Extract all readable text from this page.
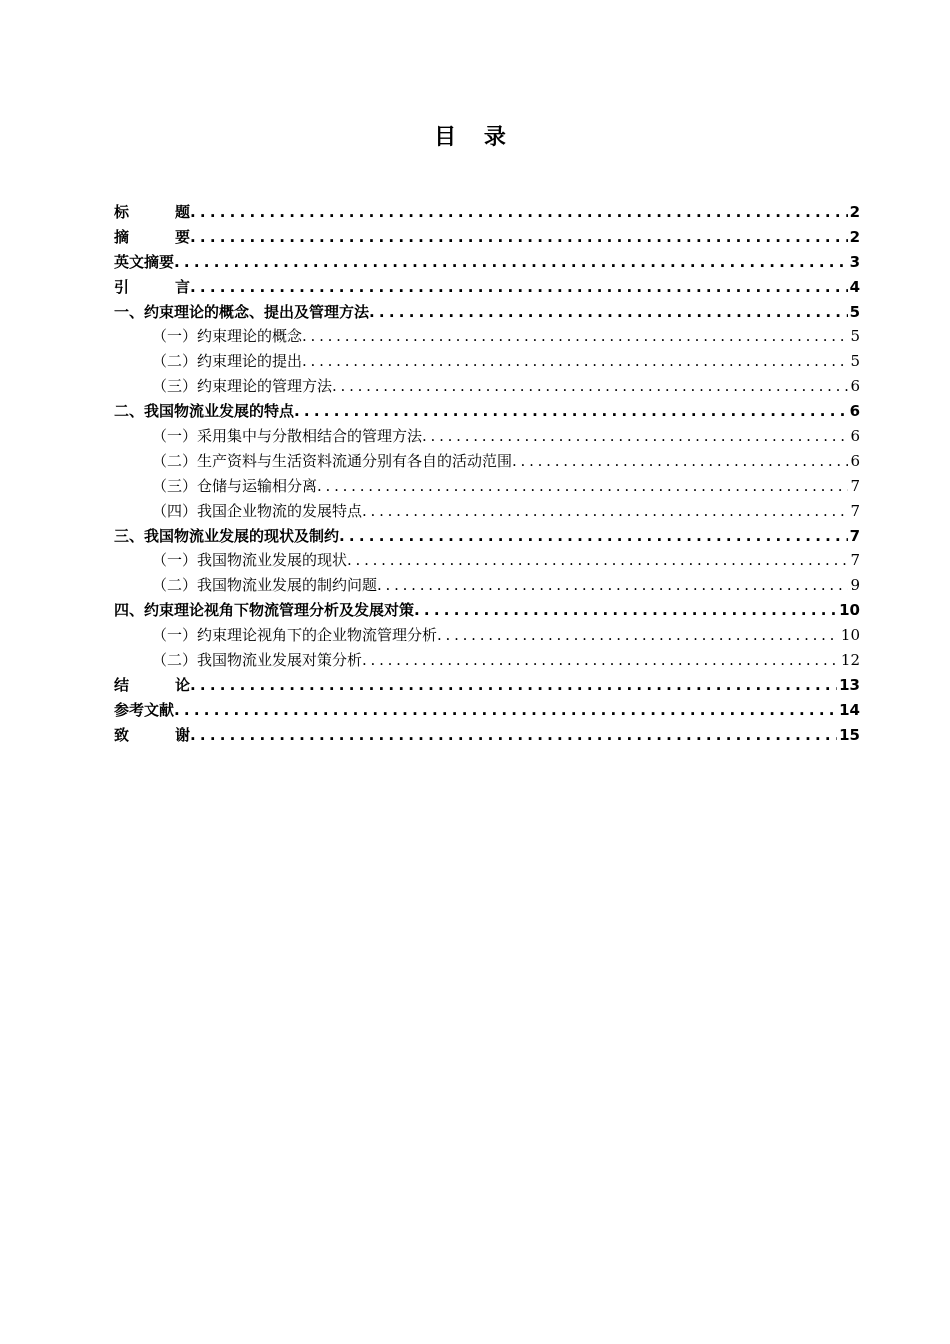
目 录
标	题 . . .	2
摘	要 . . .	2
英文摘要 . . .	3
引	言 . . .	4
一、约束理论的概念、提出及管理方法 . . .	5
（一）约束理论的概念 . . .	5
（二）约束理论的提出 . . .	5
（三）约束理论的管理方法 . . .	6
二、我国物流业发展的特点 . . .	6
（一）采用集中与分散相结合的管理方法 . . .	6
（二）生产资料与生活资料流通分别有各自的活动范围 . . .	6
（三）仓储与运输相分离 . . .	7
（四）我国企业物流的发展特点 . . .	7
三、我国物流业发展的现状及制约 . . .	7
（一）我国物流业发展的现状 . . .	7
（二）我国物流业发展的制约问题 . . .	9
四、约束理论视角下物流管理分析及发展对策 . . .	10
（一）约束理论视角下的企业物流管理分析 . . .	10
（二）我国物流业发展对策分析 . . .	12
结	论 . . .	13
参考文献 . . .	14
致	谢 . . .	15
